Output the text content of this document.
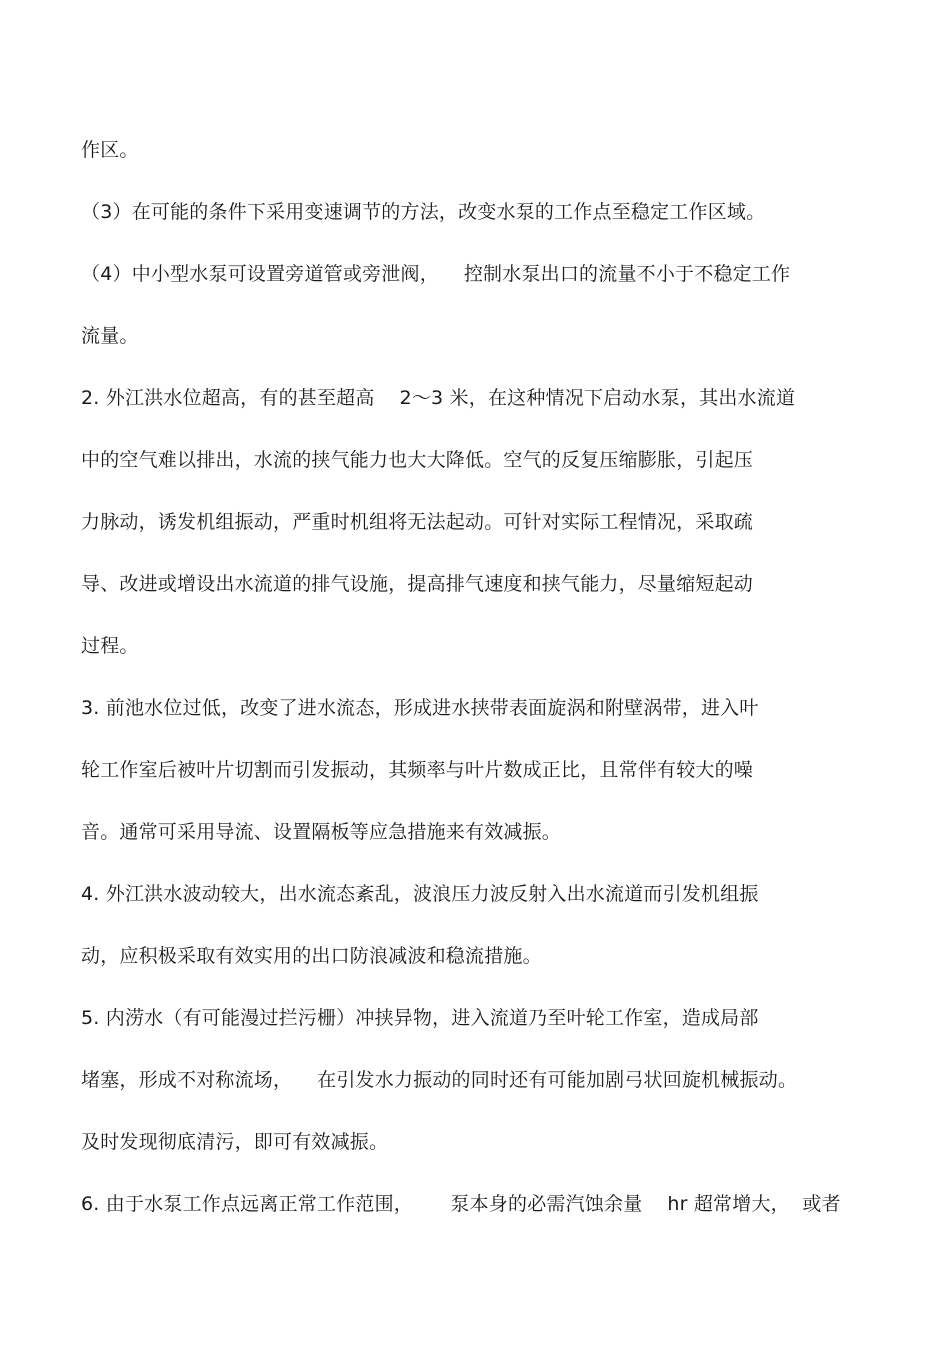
作区。
（3）在可能的条件下采用变速调节的方法，改变水泵的工作点至稳定工作区域。
（4）中小型水泵可设置旁道管或旁泄阀，    控制水泵出口的流量不小于不稳定工作
流量。
2. 外江洪水位超高，有的甚至超高    2～3 米，在这种情况下启动水泵，其出水流道
中的空气难以排出，水流的挟气能力也大大降低。空气的反复压缩膨胀，引起压
力脉动，诱发机组振动，严重时机组将无法起动。可针对实际工程情况，采取疏
导、改进或增设出水流道的排气设施，提高排气速度和挟气能力，尽量缩短起动
过程。
3. 前池水位过低，改变了进水流态，形成进水挟带表面旋涡和附壁涡带，进入叶
轮工作室后被叶片切割而引发振动，其频率与叶片数成正比，且常伴有较大的噪
音。通常可采用导流、设置隔板等应急措施来有效减振。
4. 外江洪水波动较大，出水流态紊乱，波浪压力波反射入出水流道而引发机组振
动，应积极采取有效实用的出口防浪减波和稳流措施。
5. 内涝水（有可能漫过拦污栅）冲挟异物，进入流道乃至叶轮工作室，造成局部
堵塞，形成不对称流场，    在引发水力振动的同时还有可能加剧弓状回旋机械振动。
及时发现彻底清污，即可有效减振。
6. 由于水泵工作点远离正常工作范围，      泵本身的必需汽蚀余量    hr 超常增大，  或者
